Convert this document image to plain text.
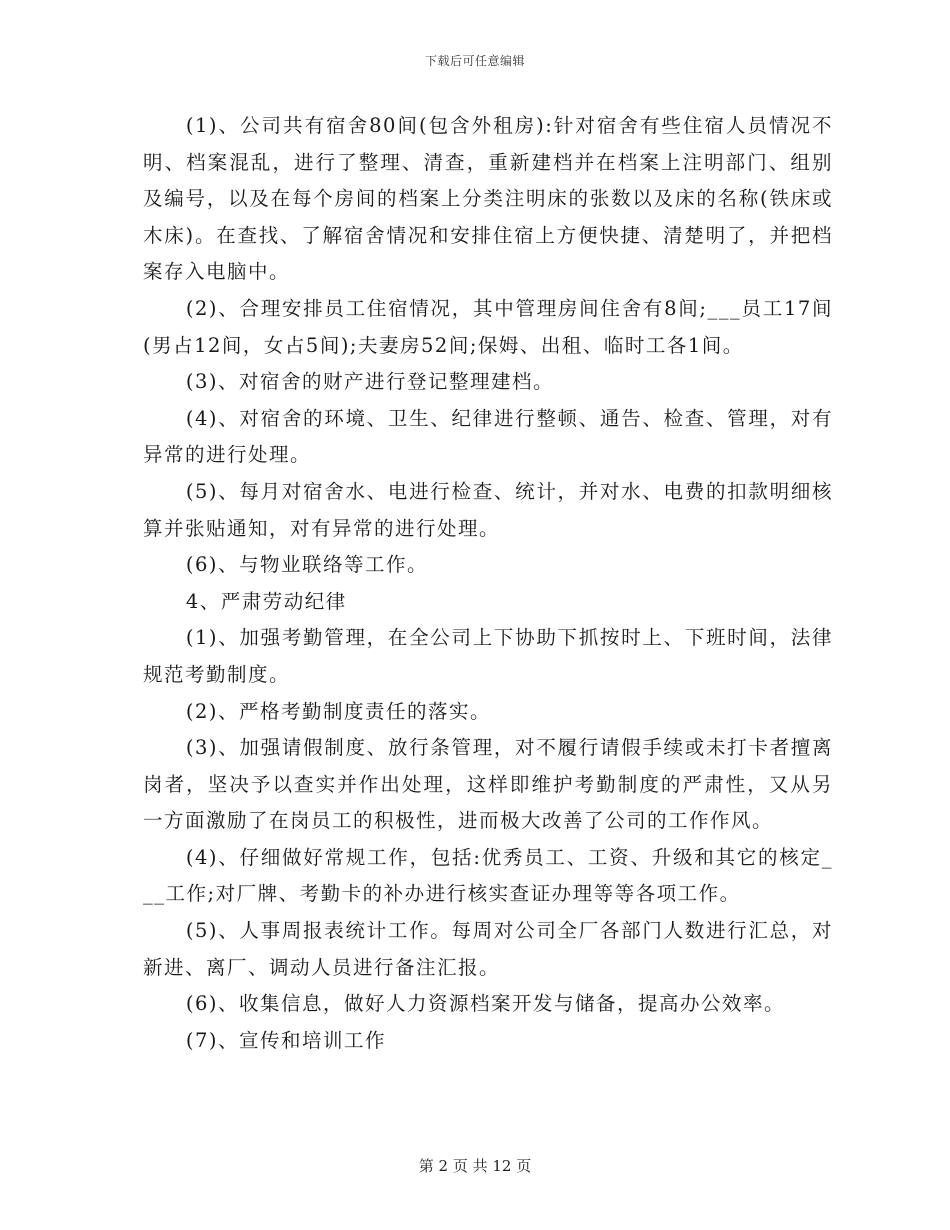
下载后可任意编辑

(1)、公司共有宿舍80间(包含外租房):针对宿舍有些住宿人员情况不明、档案混乱，进行了整理、清查，重新建档并在档案上注明部门、组别及编号，以及在每个房间的档案上分类注明床的张数以及床的名称(铁床或木床)。在查找、了解宿舍情况和安排住宿上方便快捷、清楚明了，并把档案存入电脑中。

(2)、合理安排员工住宿情况，其中管理房间住舍有8间;___员工17间(男占12间，女占5间);夫妻房52间;保姆、出租、临时工各1间。

(3)、对宿舍的财产进行登记整理建档。

(4)、对宿舍的环境、卫生、纪律进行整顿、通告、检查、管理，对有异常的进行处理。

(5)、每月对宿舍水、电进行检查、统计，并对水、电费的扣款明细核算并张贴通知，对有异常的进行处理。

(6)、与物业联络等工作。

4、严肃劳动纪律

(1)、加强考勤管理，在全公司上下协助下抓按时上、下班时间，法律规范考勤制度。

(2)、严格考勤制度责任的落实。

(3)、加强请假制度、放行条管理，对不履行请假手续或未打卡者擅离岗者，坚决予以查实并作出处理，这样即维护考勤制度的严肃性，又从另一方面激励了在岗员工的积极性，进而极大改善了公司的工作作风。

(4)、仔细做好常规工作，包括:优秀员工、工资、升级和其它的核定___工作;对厂牌、考勤卡的补办进行核实查证办理等等各项工作。

(5)、人事周报表统计工作。每周对公司全厂各部门人数进行汇总，对新进、离厂、调动人员进行备注汇报。

(6)、收集信息，做好人力资源档案开发与储备，提高办公效率。

(7)、宣传和培训工作

第 2 页 共 12 页
